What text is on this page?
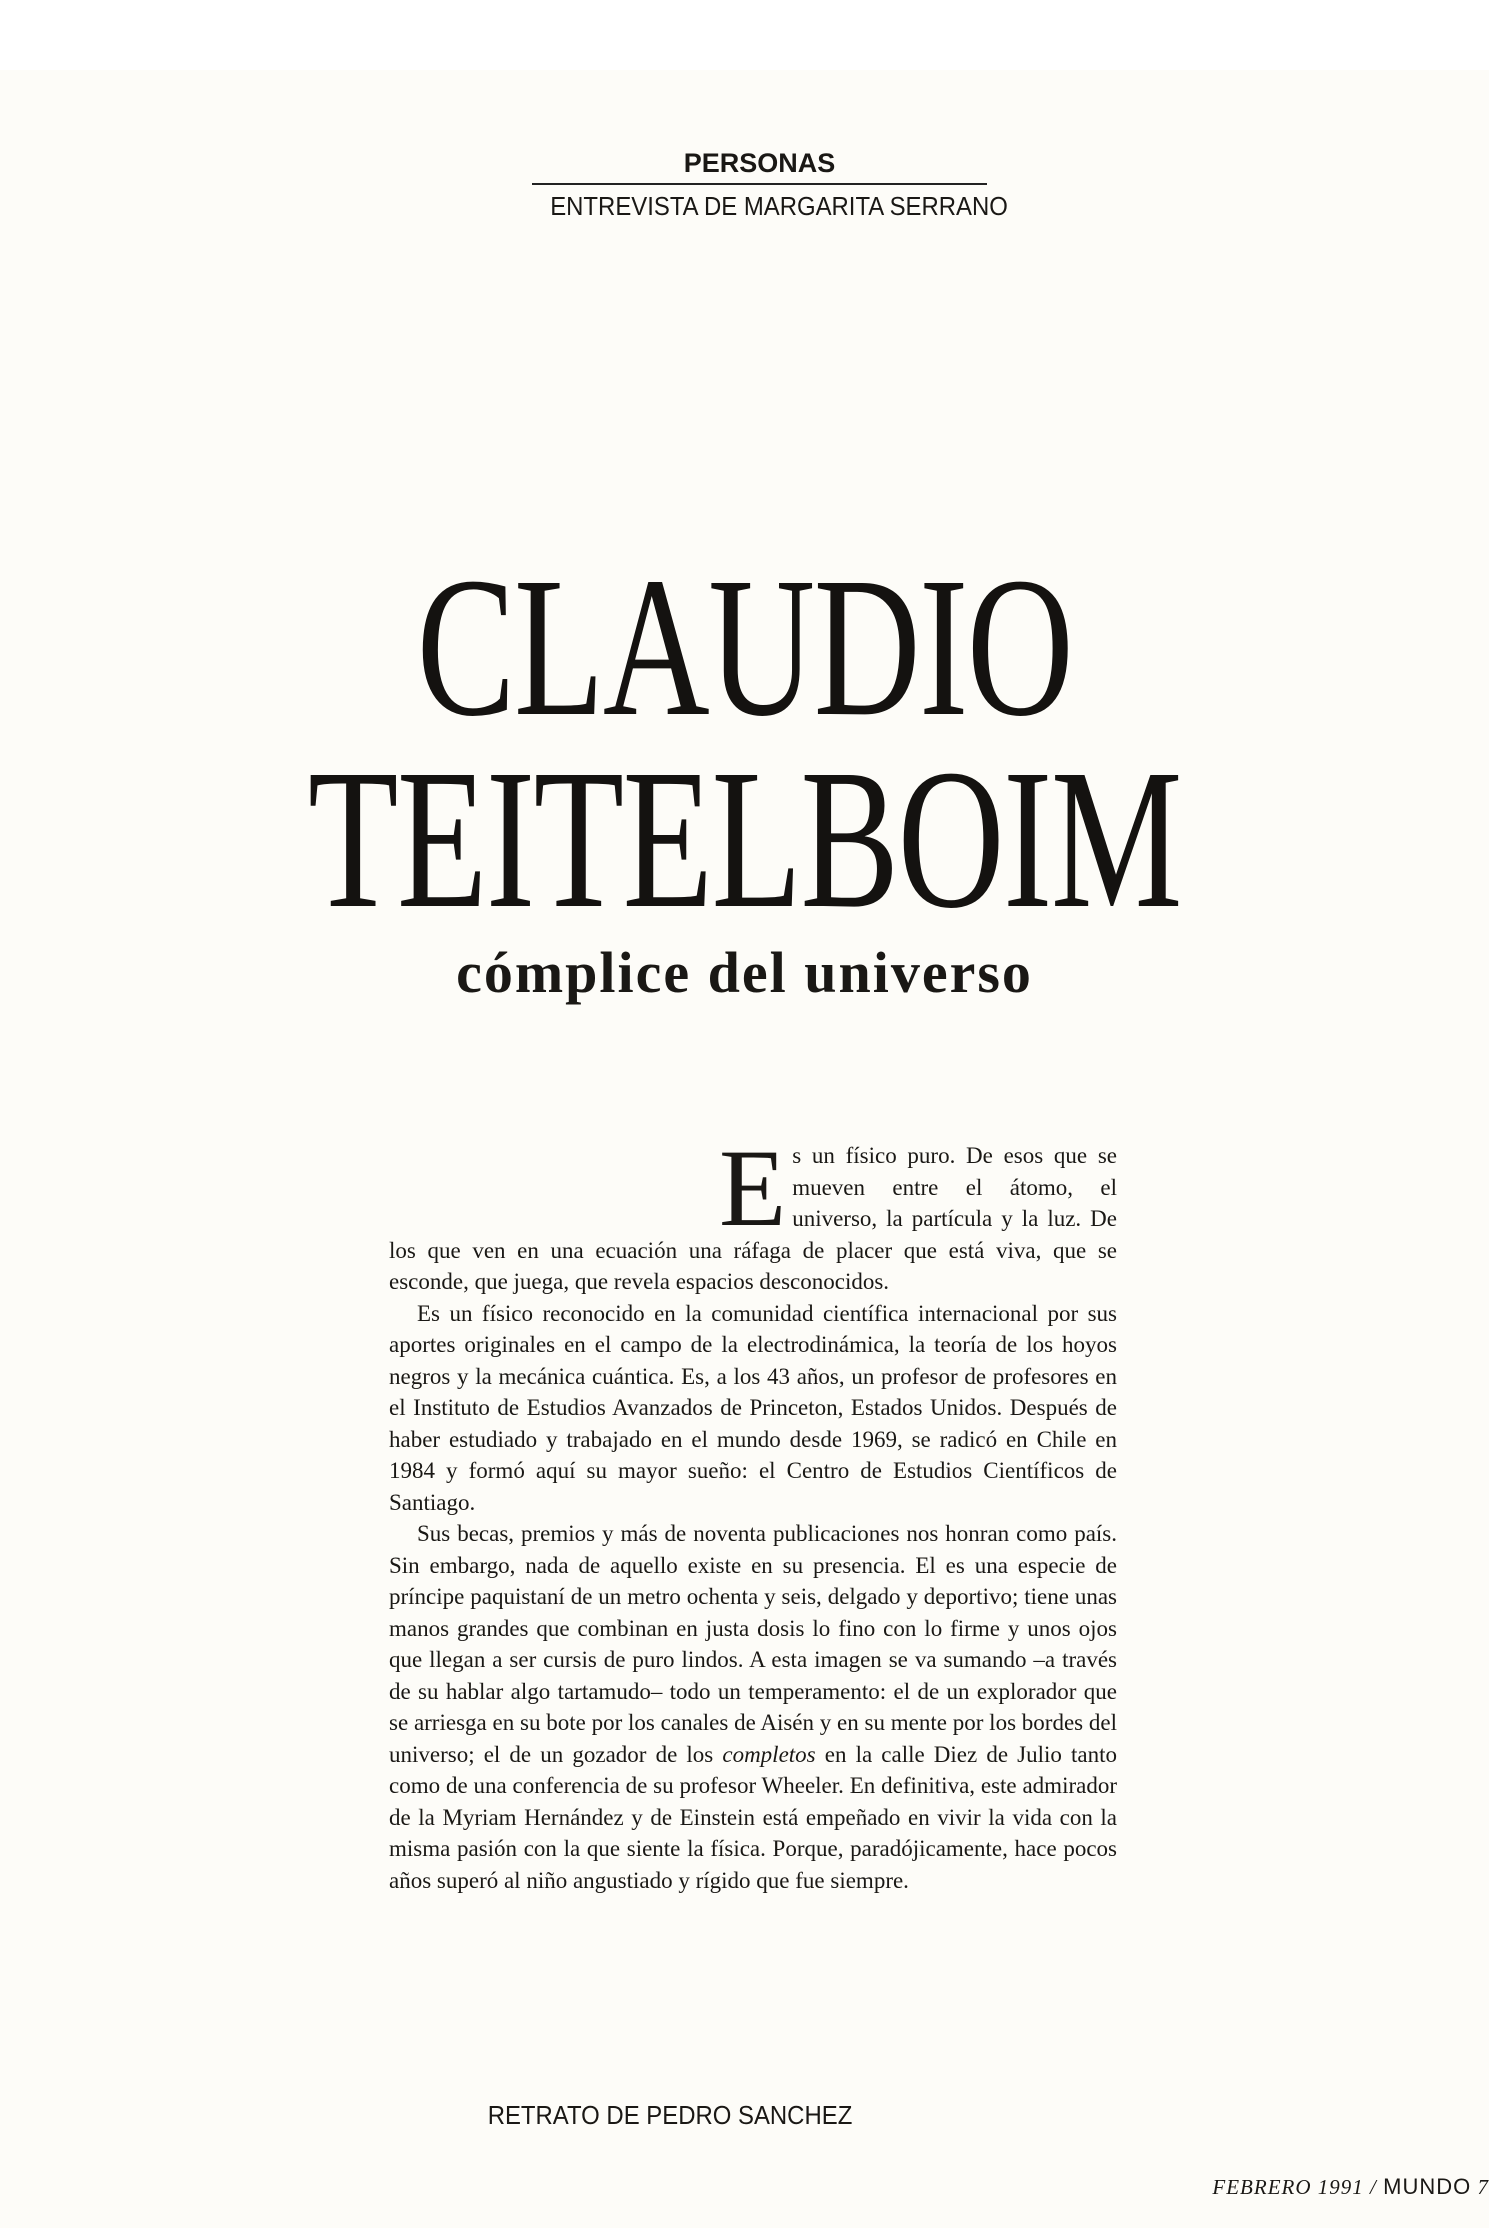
PERSONAS
ENTREVISTA DE MARGARITA SERRANO
CLAUDIO
TEITELBOIM
cómplice del universo
E s un físico puro. De esos que se mueven entre el átomo, el universo, la partícula y la luz. De los que ven en una ecuación una ráfaga de placer que está viva, que se esconde, que juega, que revela espacios desconocidos.

Es un físico reconocido en la comunidad científica internacional por sus aportes originales en el campo de la electrodinámica, la teoría de los hoyos negros y la mecánica cuántica. Es, a los 43 años, un profesor de profesores en el Instituto de Estudios Avanzados de Princeton, Estados Unidos. Después de haber estudiado y trabajado en el mundo desde 1969, se radicó en Chile en 1984 y formó aquí su mayor sueño: el Centro de Estudios Científicos de Santiago.

Sus becas, premios y más de noventa publicaciones nos honran como país. Sin embargo, nada de aquello existe en su presencia. El es una especie de príncipe paquistaní de un metro ochenta y seis, delgado y deportivo; tiene unas manos grandes que combinan en justa dosis lo fino con lo firme y unos ojos que llegan a ser cursis de puro lindos. A esta imagen se va sumando –a través de su hablar algo tartamudo– todo un temperamento: el de un explorador que se arriesga en su bote por los canales de Aisén y en su mente por los bordes del universo; el de un gozador de los completos en la calle Diez de Julio tanto como de una conferencia de su profesor Wheeler. En definitiva, este admirador de la Myriam Hernández y de Einstein está empeñado en vivir la vida con la misma pasión con la que siente la física. Porque, paradójicamente, hace pocos años superó al niño angustiado y rígido que fue siempre.

RETRATO DE PEDRO SANCHEZ
FEBRERO 1991 / MUNDO 7
